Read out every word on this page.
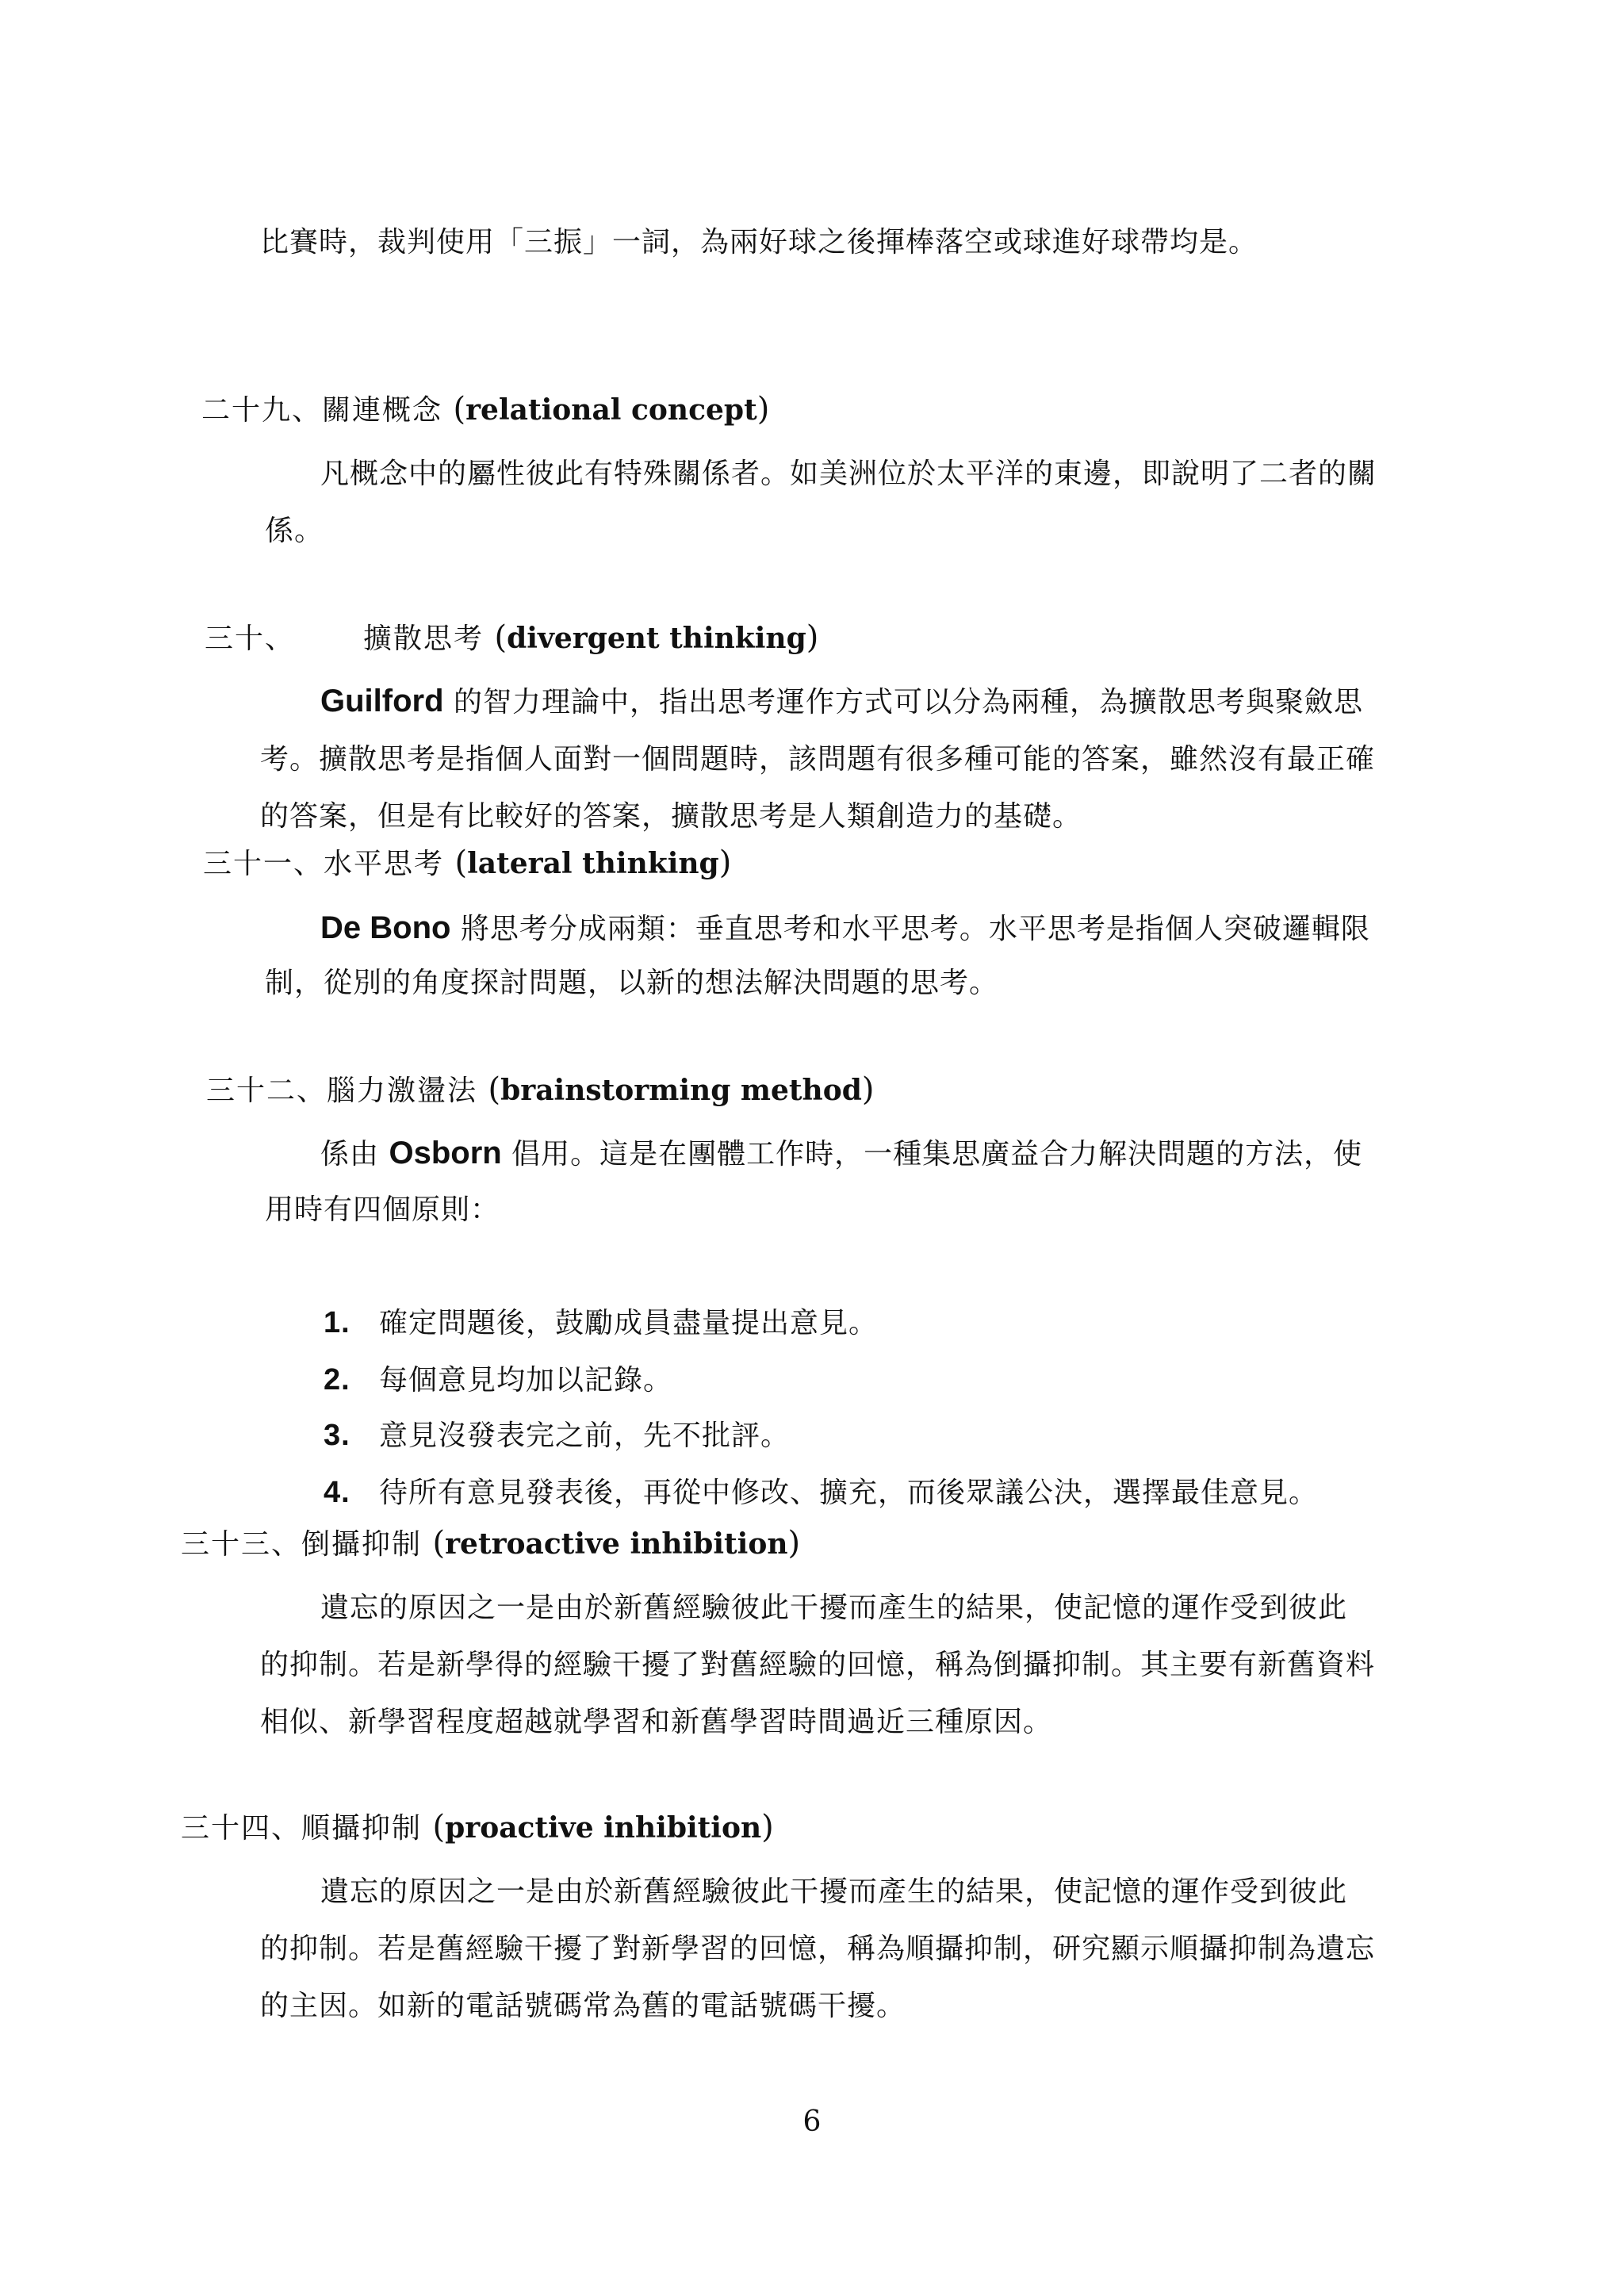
比賽時，裁判使用「三振」一詞，為兩好球之後揮棒落空或球進好球帶均是。
二十九、關連概念 (relational concept)
凡概念中的屬性彼此有特殊關係者。如美洲位於太平洋的東邊，即說明了二者的關
係。
三十、 擴散思考 (divergent thinking)
Guilford 的智力理論中，指出思考運作方式可以分為兩種，為擴散思考與聚斂思
考。擴散思考是指個人面對一個問題時，該問題有很多種可能的答案，雖然沒有最正確
的答案，但是有比較好的答案，擴散思考是人類創造力的基礎。
三十一、水平思考 (lateral thinking)
De Bono 將思考分成兩類：垂直思考和水平思考。水平思考是指個人突破邏輯限
制，從別的角度探討問題，以新的想法解決問題的思考。
三十二、腦力激盪法 (brainstorming method)
係由 Osborn 倡用。這是在團體工作時，一種集思廣益合力解決問題的方法，使
用時有四個原則：
1. 確定問題後，鼓勵成員盡量提出意見。
2. 每個意見均加以記錄。
3. 意見沒發表完之前，先不批評。
4. 待所有意見發表後，再從中修改、擴充，而後眾議公決，選擇最佳意見。
三十三、倒攝抑制 (retroactive inhibition)
遺忘的原因之一是由於新舊經驗彼此干擾而產生的結果，使記憶的運作受到彼此
的抑制。若是新學得的經驗干擾了對舊經驗的回憶，稱為倒攝抑制。其主要有新舊資料
相似、新學習程度超越就學習和新舊學習時間過近三種原因。
三十四、順攝抑制 (proactive inhibition)
遺忘的原因之一是由於新舊經驗彼此干擾而產生的結果，使記憶的運作受到彼此
的抑制。若是舊經驗干擾了對新學習的回憶，稱為順攝抑制，研究顯示順攝抑制為遺忘
的主因。如新的電話號碼常為舊的電話號碼干擾。
6
